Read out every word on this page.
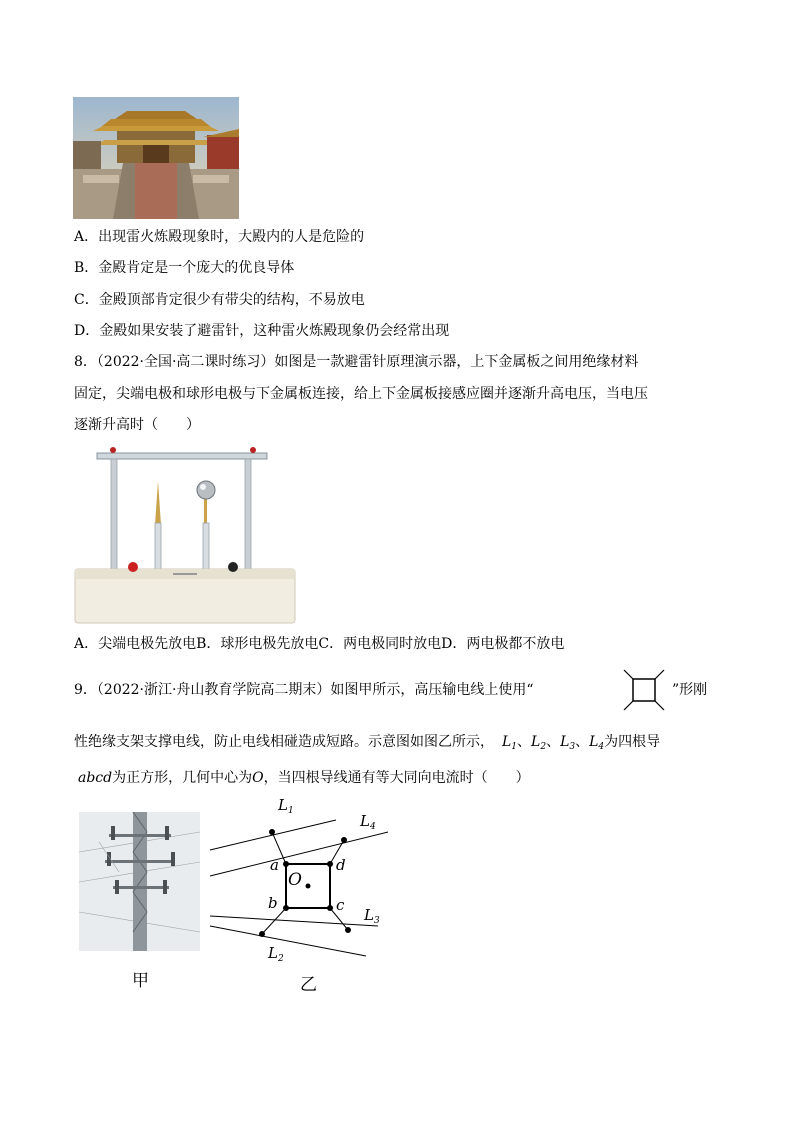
A．出现雷火炼殿现象时，大殿内的人是危险的
B．金殿肯定是一个庞大的优良导体
C．金殿顶部肯定很少有带尖的结构，不易放电
D．金殿如果安装了避雷针，这种雷火炼殿现象仍会经常出现
8．（2022·全国·高二课时练习）如图是一款避雷针原理演示器，上下金属板之间用绝缘材料
固定，尖端电极和球形电极与下金属板连接，给上下金属板接感应圈并逐渐升高电压，当电压
逐渐升高时（　　）
A．尖端电极先放电B．球形电极先放电C．两电极同时放电D．两电极都不放电
9．（2022·浙江·舟山教育学院高二期末）如图甲所示，高压输电线上使用“	”形刚
性绝缘支架支撑电线，防止电线相碰造成短路。示意图如图乙所示， $L_1$、$L_2$、$L_3$、$L_4$为四根导
abcd为正方形，几何中心为O，当四根导线通有等大同向电流时（　　）
甲
$L_1$
$L_4$
$L_3$
$L_2$
a	d
b	c
O
乙
